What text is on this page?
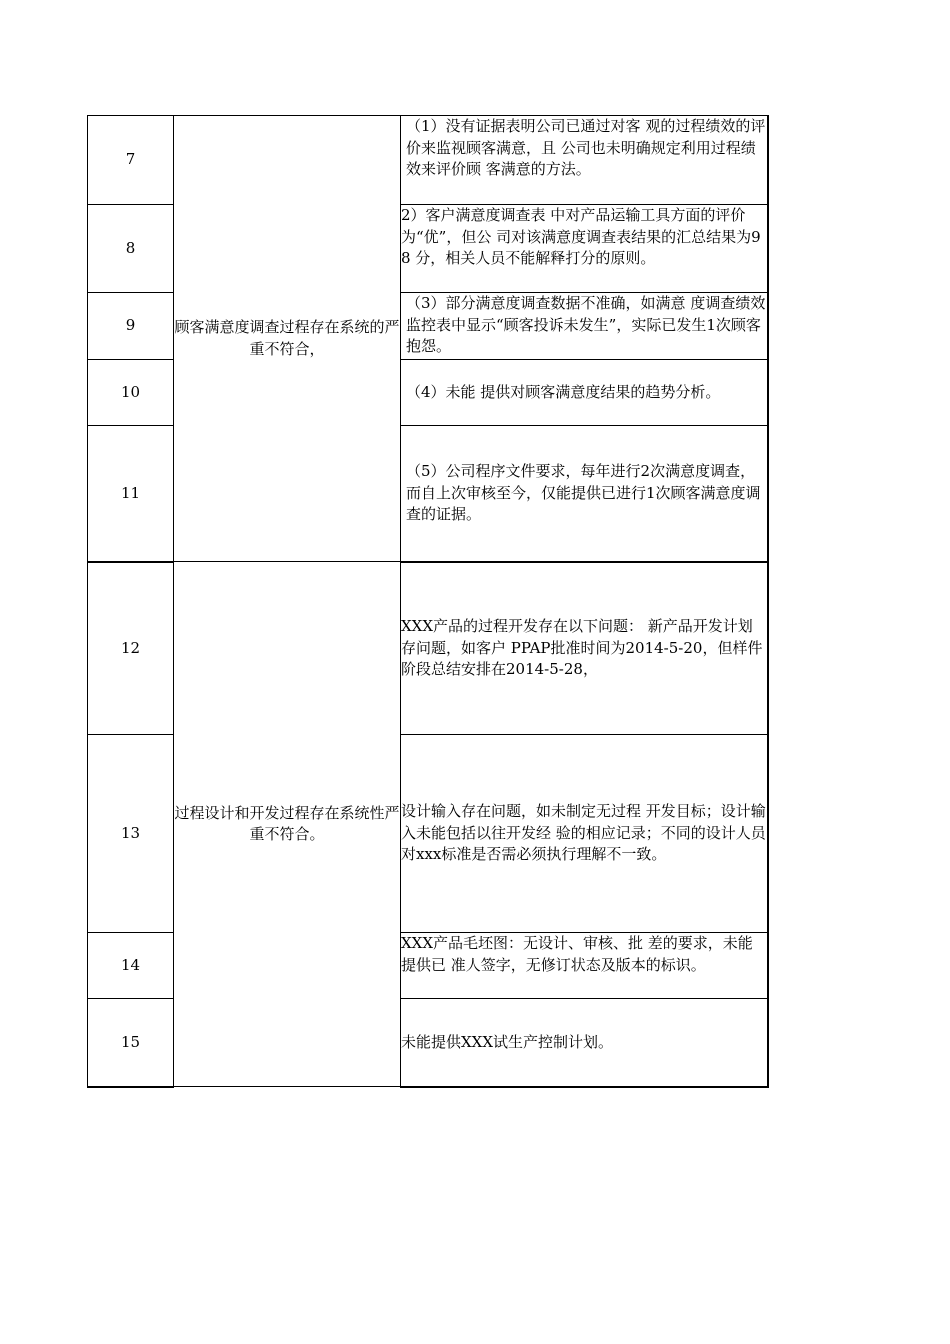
7	顾客满意度调查过程存在系统的严重不符合，	（1）没有证据表明公司已通过对客 观的过程绩效的评价来监视顾客满意，且 公司也未明确规定利用过程绩效来评价顾 客满意的方法。
8		2）客户满意度调查表 中对产品运输工具方面的评价为“优”，但公 司对该满意度调查表结果的汇总结果为98 分，相关人员不能解释打分的原则。
9		（3）部分满意度调查数据不准确，如满意 度调查绩效监控表中显示“顾客投诉未发生”，实际已发生1次顾客抱怨。
10		（4）未能 提供对顾客满意度结果的趋势分析。
11		（5）公司程序文件要求，每年进行2次满意度调查，而自上次审核至今，仅能提供已进行1次顾客满意度调查的证据。
12	过程设计和开发过程存在系统性严重不符合。	XXX产品的过程开发存在以下问题： 新产品开发计划存问题，如客户 PPAP批准时间为2014-5-20，但样件阶段总结安排在2014-5-28，
13		设计输入存在问题，如未制定无过程 开发目标；设计输入未能包括以往开发经 验的相应记录；不同的设计人员对xxx标准是否需必须执行理解不一致。
14		XXX产品毛坯图：无设计、审核、批 差的要求，未能提供已 准人签字，无修订状态及版本的标识。
15		未能提供XXX试生产控制计划。
